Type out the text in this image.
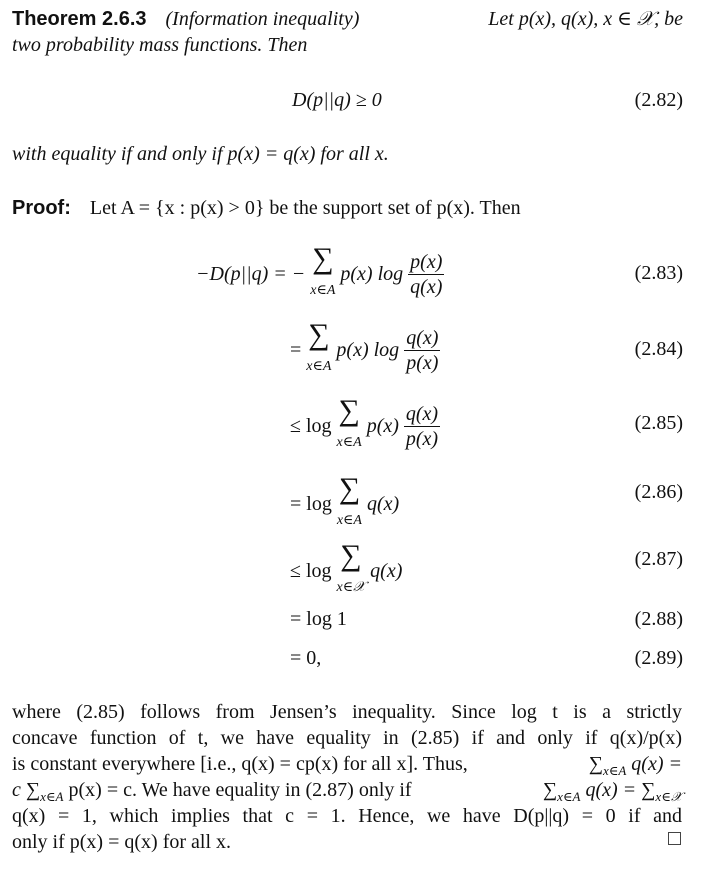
Theorem 2.6.3 (Information inequality)	Let p(x), q(x), x ∈ 𝒳, be
two probability mass functions. Then
D(p||q) ≥ 0	(2.82)
with equality if and only if p(x) = q(x) for all x.
Proof: Let A = {x : p(x) > 0} be the support set of p(x). Then
−D(p||q) = − ∑
x∈A p(x) $\log \frac{p(x)}{q(x)}$	(2.83)
= ∑
x∈A p(x) $\log \frac{q(x)}{p(x)}$	(2.84)
≤ log ∑
x∈A $p(x) \frac{q(x)}{p(x)}$	(2.85)
= log ∑
x∈A q(x)
(2.86)
≤ log ∑
x∈𝒳 q(x)
(2.87)
= log 1	(2.88)
= 0,	(2.89)
where (2.85) follows from Jensen’s inequality. Since log t is a strictly
concave function of t, we have equality in (2.85) if and only if q(x)/p(x)
is constant everywhere [i.e., q(x) = cp(x) for all x]. Thus,	$\sum_{x\in A}$ q(x) =
c $\sum_{x\in A}$ p(x) = c. We have equality in (2.87) only if	$\sum_{x\in A}$ $q(x) = \sum_{x\in 𝒳}$
q(x) = 1, which implies that c = 1. Hence, we have D(p||q) = 0 if and
only if p(x) = q(x) for all x.
